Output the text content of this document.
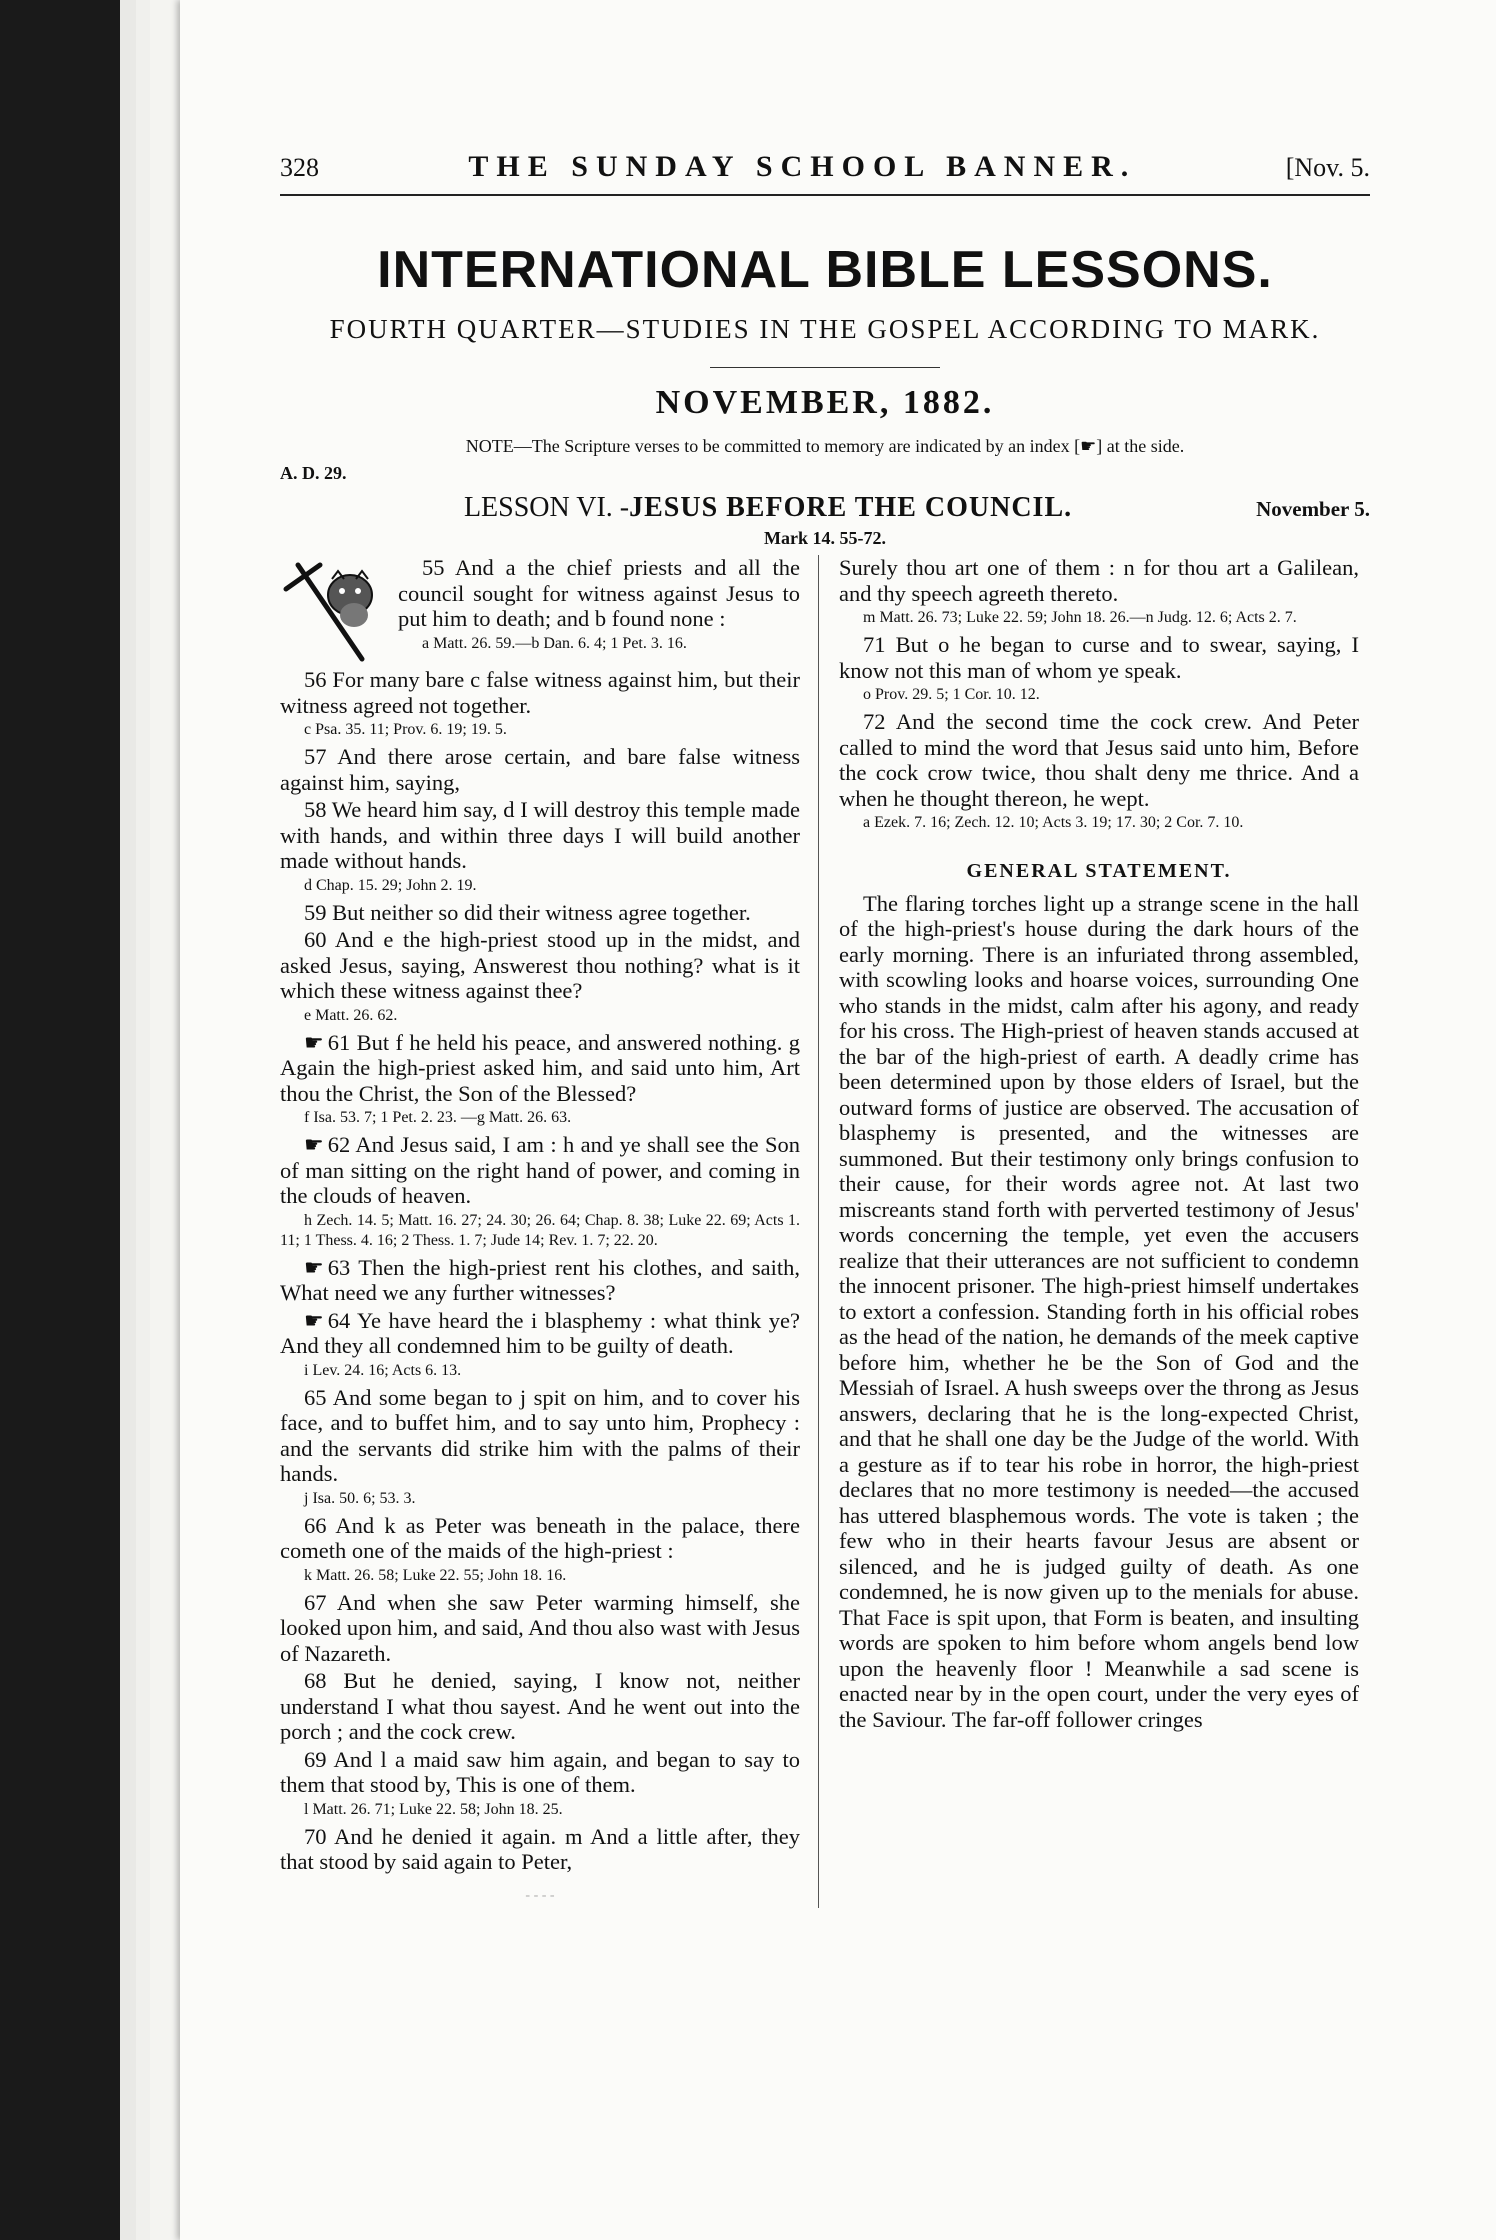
328	THE SUNDAY SCHOOL BANNER.	[Nov. 5.
INTERNATIONAL BIBLE LESSONS.
FOURTH QUARTER—STUDIES IN THE GOSPEL ACCORDING TO MARK.
NOVEMBER, 1882.
NOTE—The Scripture verses to be committed to memory are indicated by an index [☛] at the side.
A. D. 29.
LESSON VI. -JESUS BEFORE THE COUNCIL.	November 5.
Mark 14. 55-72.

55 And a the chief priests and all the council sought for witness against Jesus to put him to death; and b found none :

a Matt. 26. 59.—b Dan. 6. 4; 1 Pet. 3. 16.

56 For many bare c false witness against him, but their witness agreed not together.

c Psa. 35. 11; Prov. 6. 19; 19. 5.

57 And there arose certain, and bare false witness against him, saying,

58 We heard him say, d I will destroy this temple made with hands, and within three days I will build another made without hands.

d Chap. 15. 29; John 2. 19.

59 But neither so did their witness agree together.

60 And e the high-priest stood up in the midst, and asked Jesus, saying, Answerest thou nothing? what is it which these witness against thee?

e Matt. 26. 62.

☛ 61 But f he held his peace, and answered nothing. g Again the high-priest asked him, and said unto him, Art thou the Christ, the Son of the Blessed?

f Isa. 53. 7; 1 Pet. 2. 23. —g Matt. 26. 63.

☛ 62 And Jesus said, I am : h and ye shall see the Son of man sitting on the right hand of power, and coming in the clouds of heaven.

h Zech. 14. 5; Matt. 16. 27; 24. 30; 26. 64; Chap. 8. 38; Luke 22. 69; Acts 1. 11; 1 Thess. 4. 16; 2 Thess. 1. 7; Jude 14; Rev. 1. 7; 22. 20.

☛ 63 Then the high-priest rent his clothes, and saith, What need we any further witnesses?

☛ 64 Ye have heard the i blasphemy : what think ye? And they all condemned him to be guilty of death.

i Lev. 24. 16; Acts 6. 13.

65 And some began to j spit on him, and to cover his face, and to buffet him, and to say unto him, Prophecy : and the servants did strike him with the palms of their hands.

j Isa. 50. 6; 53. 3.

66 And k as Peter was beneath in the palace, there cometh one of the maids of the high-priest :

k Matt. 26. 58; Luke 22. 55; John 18. 16.

67 And when she saw Peter warming himself, she looked upon him, and said, And thou also wast with Jesus of Nazareth.

68 But he denied, saying, I know not, neither understand I what thou sayest. And he went out into the porch ; and the cock crew.

69 And l a maid saw him again, and began to say to them that stood by, This is one of them.

l Matt. 26. 71; Luke 22. 58; John 18. 25.

70 And he denied it again. m And a little after, they that stood by said again to Peter,

- - - -

Surely thou art one of them : n for thou art a Galilean, and thy speech agreeth thereto.

m Matt. 26. 73; Luke 22. 59; John 18. 26.—n Judg. 12. 6; Acts 2. 7.

71 But o he began to curse and to swear, saying, I know not this man of whom ye speak.

o Prov. 29. 5; 1 Cor. 10. 12.

72 And the second time the cock crew. And Peter called to mind the word that Jesus said unto him, Before the cock crow twice, thou shalt deny me thrice. And a when he thought thereon, he wept.

a Ezek. 7. 16; Zech. 12. 10; Acts 3. 19; 17. 30; 2 Cor. 7. 10.

GENERAL STATEMENT.

The flaring torches light up a strange scene in the hall of the high-priest's house during the dark hours of the early morning. There is an infuriated throng assembled, with scowling looks and hoarse voices, surrounding One who stands in the midst, calm after his agony, and ready for his cross. The High-priest of heaven stands accused at the bar of the high-priest of earth. A deadly crime has been determined upon by those elders of Israel, but the outward forms of justice are observed. The accusation of blasphemy is presented, and the witnesses are summoned. But their testimony only brings confusion to their cause, for their words agree not. At last two miscreants stand forth with perverted testimony of Jesus' words concerning the temple, yet even the accusers realize that their utterances are not sufficient to condemn the innocent prisoner. The high-priest himself undertakes to extort a confession. Standing forth in his official robes as the head of the nation, he demands of the meek captive before him, whether he be the Son of God and the Messiah of Israel. A hush sweeps over the throng as Jesus answers, declaring that he is the long-expected Christ, and that he shall one day be the Judge of the world. With a gesture as if to tear his robe in horror, the high-priest declares that no more testimony is needed—the accused has uttered blasphemous words. The vote is taken ; the few who in their hearts favour Jesus are absent or silenced, and he is judged guilty of death. As one condemned, he is now given up to the menials for abuse. That Face is spit upon, that Form is beaten, and insulting words are spoken to him before whom angels bend low upon the heavenly floor ! Meanwhile a sad scene is enacted near by in the open court, under the very eyes of the Saviour. The far-off follower cringes
